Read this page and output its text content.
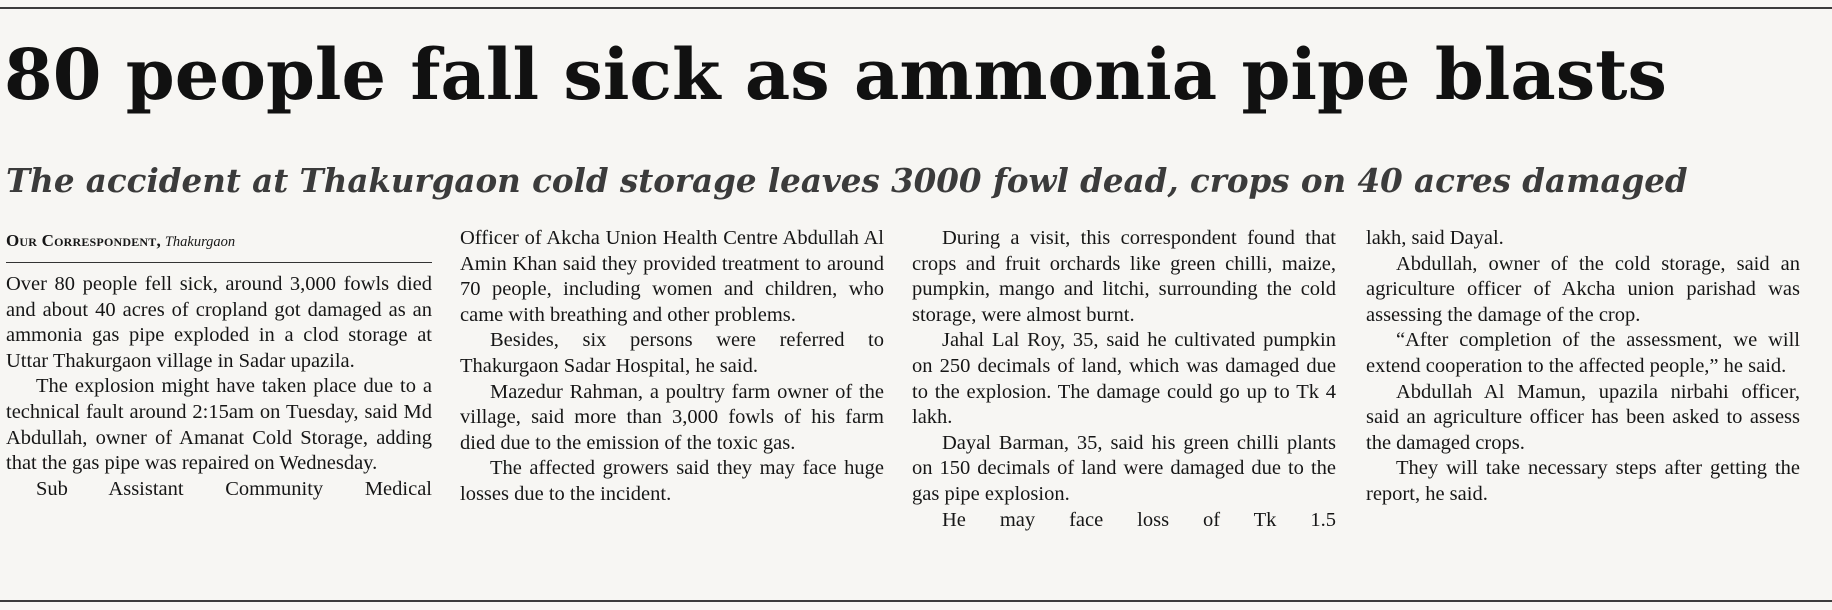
80 people fall sick as ammonia pipe blasts
The accident at Thakurgaon cold storage leaves 3000 fowl dead, crops on 40 acres damaged
Our Correspondent, Thakurgaon

Over 80 people fell sick, around 3,000 fowls died and about 40 acres of cropland got damaged as an ammonia gas pipe exploded in a clod storage at Uttar Thakurgaon village in Sadar upazila.

The explosion might have taken place due to a technical fault around 2:15am on Tuesday, said Md Abdullah, owner of Amanat Cold Storage, adding that the gas pipe was repaired on Wednesday.

Sub Assistant Community Medical

Officer of Akcha Union Health Centre Abdullah Al Amin Khan said they provided treatment to around 70 people, including women and children, who came with breathing and other problems.

Besides, six persons were referred to Thakurgaon Sadar Hospital, he said.

Mazedur Rahman, a poultry farm owner of the village, said more than 3,000 fowls of his farm died due to the emission of the toxic gas.

The affected growers said they may face huge losses due to the incident.

During a visit, this correspondent found that crops and fruit orchards like green chilli, maize, pumpkin, mango and litchi, surrounding the cold storage, were almost burnt.

Jahal Lal Roy, 35, said he cultivated pumpkin on 250 decimals of land, which was damaged due to the explosion. The damage could go up to Tk 4 lakh.

Dayal Barman, 35, said his green chilli plants on 150 decimals of land were damaged due to the gas pipe explosion.

He may face loss of Tk 1.5

lakh, said Dayal.

Abdullah, owner of the cold storage, said an agriculture officer of Akcha union parishad was assessing the damage of the crop.

“After completion of the assessment, we will extend cooperation to the affected people,” he said.

Abdullah Al Mamun, upazila nirbahi officer, said an agriculture officer has been asked to assess the damaged crops.

They will take necessary steps after getting the report, he said.
